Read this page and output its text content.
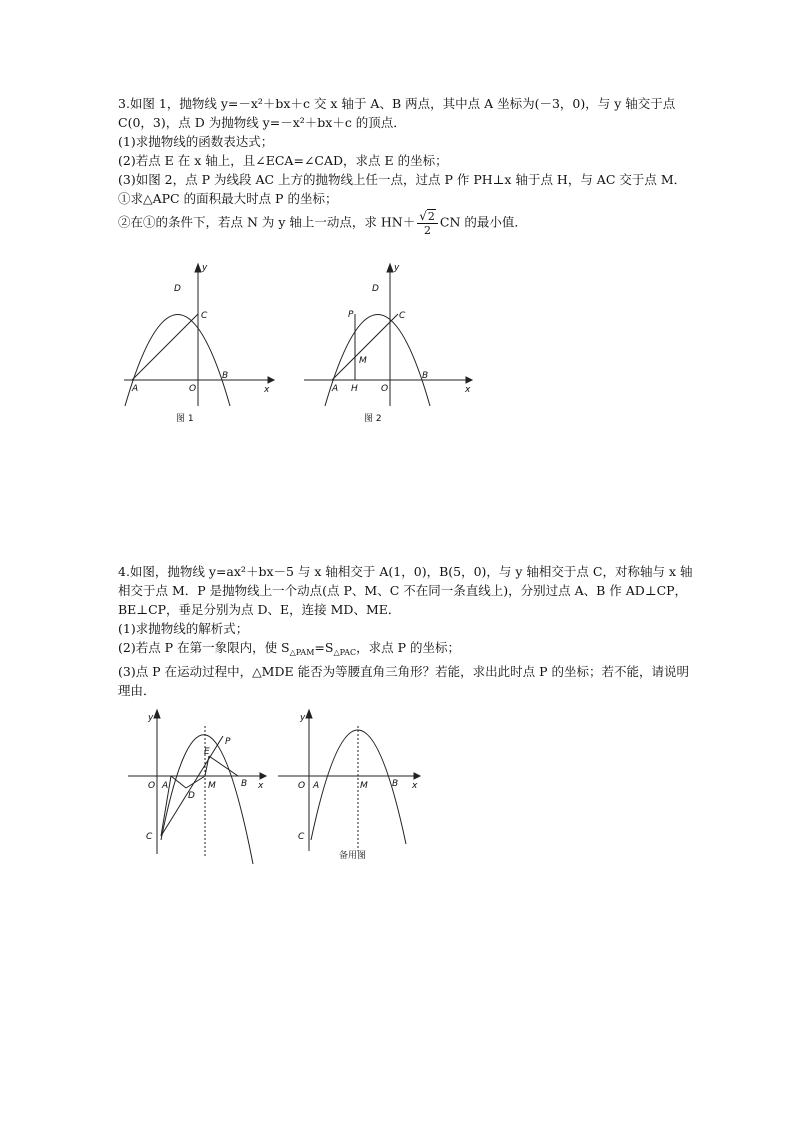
3.如图 1，抛物线 y=－x²＋bx＋c 交 x 轴于 A、B 两点，其中点 A 坐标为(－3，0)，与 y 轴交于点 C(0，3)，点 D 为抛物线 y=－x²＋bx＋c 的顶点．

(1)求抛物线的函数表达式；

(2)若点 E 在 x 轴上，且∠ECA=∠CAD，求点 E 的坐标；

(3)如图 2，点 P 为线段 AC 上方的抛物线上任一点，过点 P 作 PH⊥x 轴于点 H，与 AC 交于点 M．

①求△APC 的面积最大时点 P 的坐标；

②在①的条件下，若点 N 为 y 轴上一动点，求 $HN+ \frac{√2}{2}$ CN 的最小值．

y
x
D
C
A	O
B
图 1
y
x
D
C
P
M
A H	O
B
图 2

4.如图，抛物线 y=ax²＋bx－5 与 x 轴相交于 A(1，0)，B(5，0)，与 y 轴相交于点 C，对称轴与 x 轴相交于点 M．P 是抛物线上一个动点(点 P、M、C 不在同一条直线上)，分别过点 A、B 作 AD⊥CP，BE⊥CP，垂足分别为点 D、E，连接 MD、ME．

(1)求抛物线的解析式；

(2)若点 P 在第一象限内，使 $S_{\triangle PAM}=S_{\triangle PAC}$，求点 P 的坐标；

(3)点 P 在运动过程中，△MDE 能否为等腰直角三角形？若能，求出此时点 P 的坐标；若不能，请说明理由．

y
x
O A	M	B
D
E
P
C
y
x
O A	M	B
C
备用图
